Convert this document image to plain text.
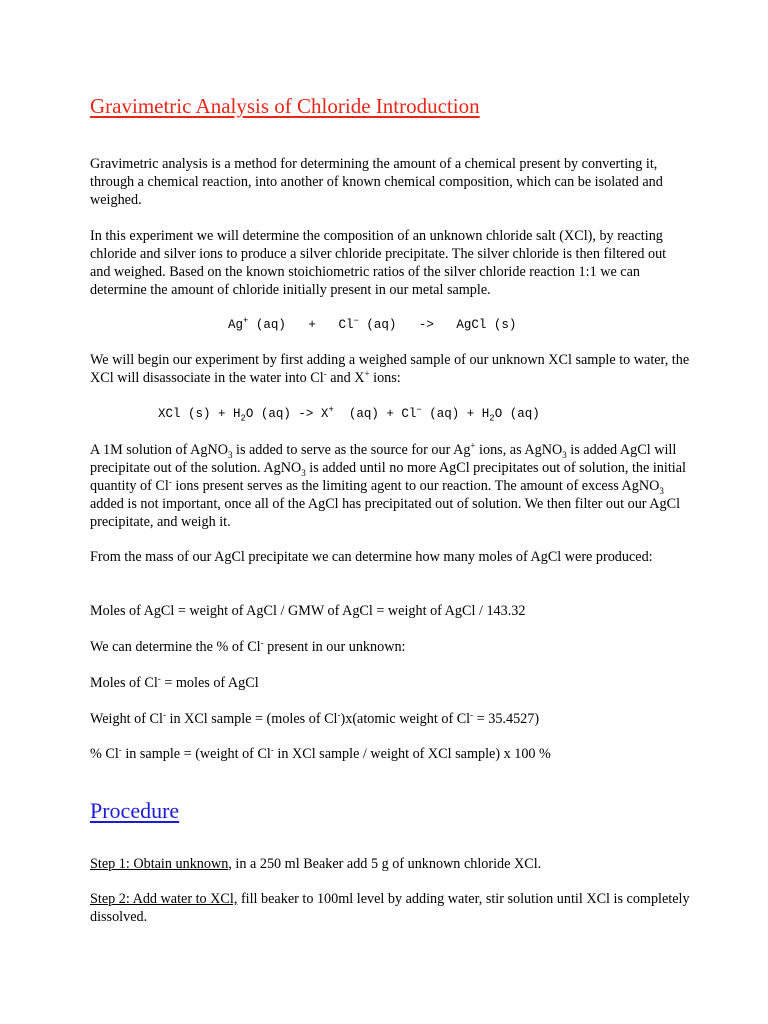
Gravimetric Analysis of Chloride Introduction

Gravimetric analysis is a method for determining the amount of a chemical present by converting it, through a chemical reaction, into another of known chemical composition, which can be isolated and weighed.

In this experiment we will determine the composition of an unknown chloride salt (XCl), by reacting chloride and silver ions to produce a silver chloride precipitate. The silver chloride is then filtered out and weighed. Based on the known stoichiometric ratios of the silver chloride reaction 1:1 we can determine the amount of chloride initially present in our metal sample.

Ag+ (aq)   +   Cl− (aq)   ->   AgCl (s)

We will begin our experiment by first adding a weighed sample of our unknown XCl sample to water, the XCl will disassociate in the water into Cl- and X+ ions:

XCl $(s) + H_2O$ (aq) -> X+  (aq) + Cl− $(aq) + H_2O$ (aq)

A 1M solution of AgNO$_3$ is added to serve as the source for our Ag+ ions, as AgNO$_3$ is added AgCl will precipitate out of the solution. AgNO$_3$ is added until no more AgCl precipitates out of solution, the initial quantity of Cl- ions present serves as the limiting agent to our reaction. The amount of excess AgNO$_3$ added is not important, once all of the AgCl has precipitated out of solution. We then filter out our AgCl precipitate, and weigh it.

From the mass of our AgCl precipitate we can determine how many moles of AgCl were produced:

Moles of AgCl = weight of AgCl / GMW of AgCl = weight of AgCl / 143.32

We can determine the % of Cl- present in our unknown:

Moles of Cl- = moles of AgCl

Weight of Cl- in XCl sample = (moles of Cl-)x(atomic weight of Cl- = 35.4527)

% Cl- in sample = (weight of Cl- in XCl sample / weight of XCl sample) x 100 %

Procedure

Step 1: Obtain unknown, in a 250 ml Beaker add 5 g of unknown chloride XCl.

Step 2: Add water to XCl, fill beaker to 100ml level by adding water, stir solution until XCl is completely dissolved.
